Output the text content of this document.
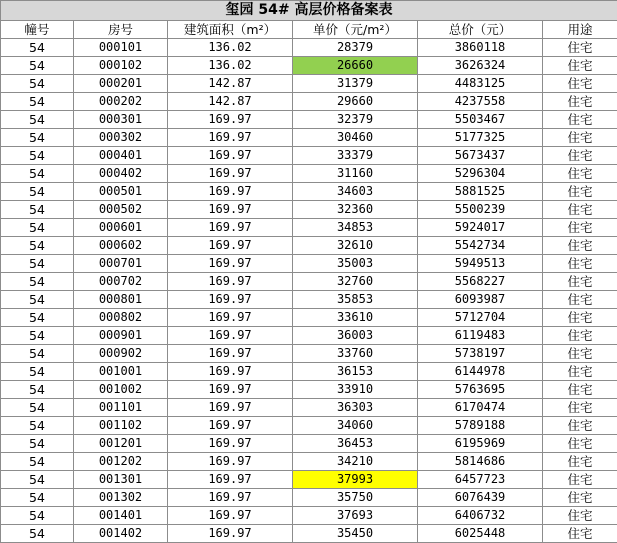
玺园 54# 高层价格备案表					
幢号	房号	建筑面积（m²）	单价（元/m²）	总价（元）	用途
54	000101	136.02	28379	3860118	住宅
54	000102	136.02	26660	3626324	住宅
54	000201	142.87	31379	4483125	住宅
54	000202	142.87	29660	4237558	住宅
54	000301	169.97	32379	5503467	住宅
54	000302	169.97	30460	5177325	住宅
54	000401	169.97	33379	5673437	住宅
54	000402	169.97	31160	5296304	住宅
54	000501	169.97	34603	5881525	住宅
54	000502	169.97	32360	5500239	住宅
54	000601	169.97	34853	5924017	住宅
54	000602	169.97	32610	5542734	住宅
54	000701	169.97	35003	5949513	住宅
54	000702	169.97	32760	5568227	住宅
54	000801	169.97	35853	6093987	住宅
54	000802	169.97	33610	5712704	住宅
54	000901	169.97	36003	6119483	住宅
54	000902	169.97	33760	5738197	住宅
54	001001	169.97	36153	6144978	住宅
54	001002	169.97	33910	5763695	住宅
54	001101	169.97	36303	6170474	住宅
54	001102	169.97	34060	5789188	住宅
54	001201	169.97	36453	6195969	住宅
54	001202	169.97	34210	5814686	住宅
54	001301	169.97	37993	6457723	住宅
54	001302	169.97	35750	6076439	住宅
54	001401	169.97	37693	6406732	住宅
54	001402	169.97	35450	6025448	住宅
